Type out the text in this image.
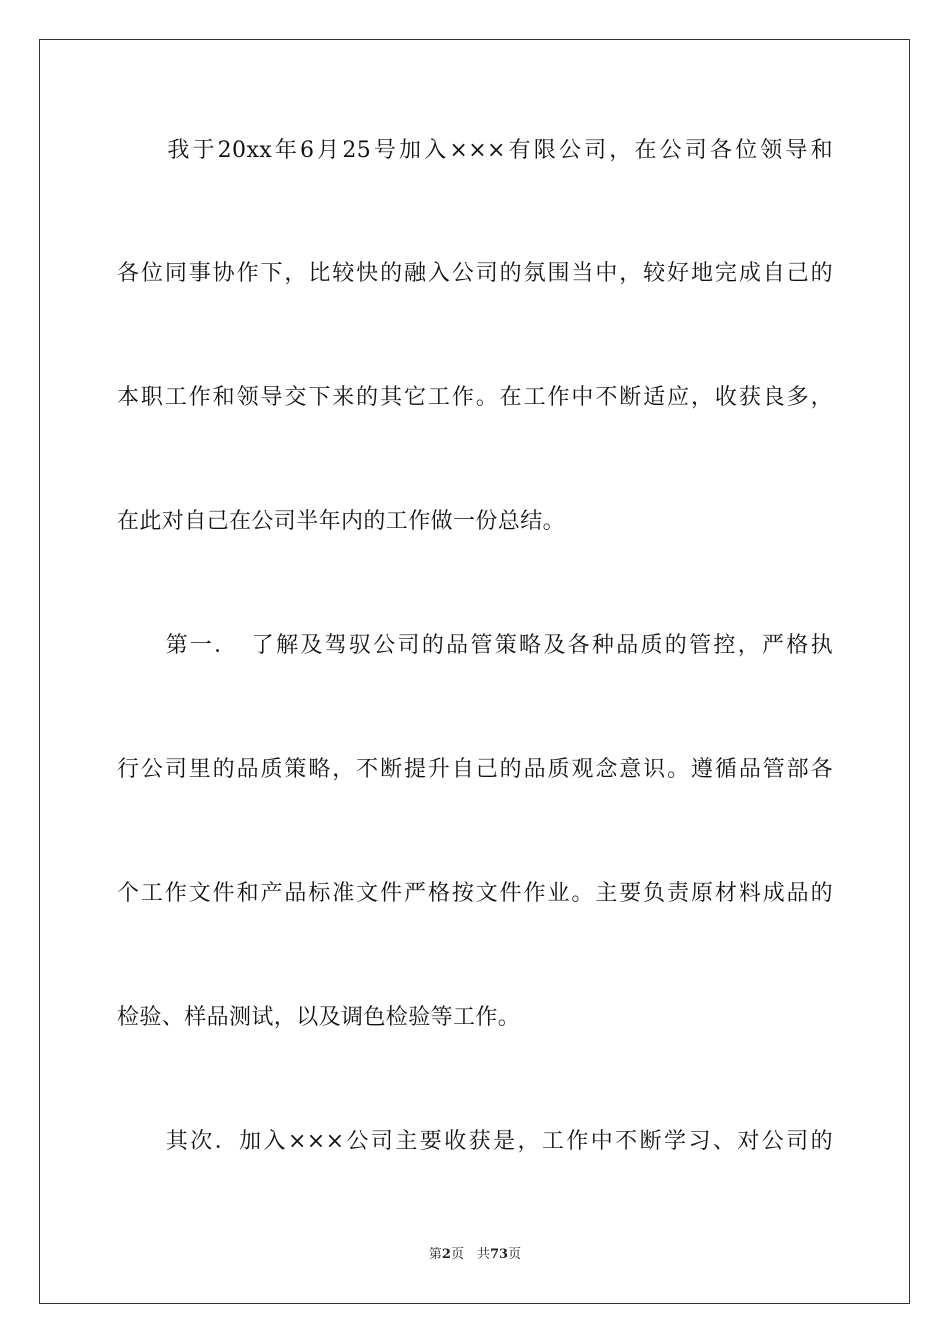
　　我于20xx年6月25号加入×××有限公司，在公司各位领导和
各位同事协作下，比较快的融入公司的氛围当中，较好地完成自己的
本职工作和领导交下来的其它工作。在工作中不断适应，收获良多，
在此对自己在公司半年内的工作做一份总结。
　　第一．　了解及驾驭公司的品管策略及各种品质的管控，严格执
行公司里的品质策略，不断提升自己的品质观念意识。遵循品管部各
个工作文件和产品标准文件严格按文件作业。主要负责原材料成品的
检验、样品测试，以及调色检验等工作。
　　其次．加入×××公司主要收获是，工作中不断学习、对公司的
第2页　共73页
